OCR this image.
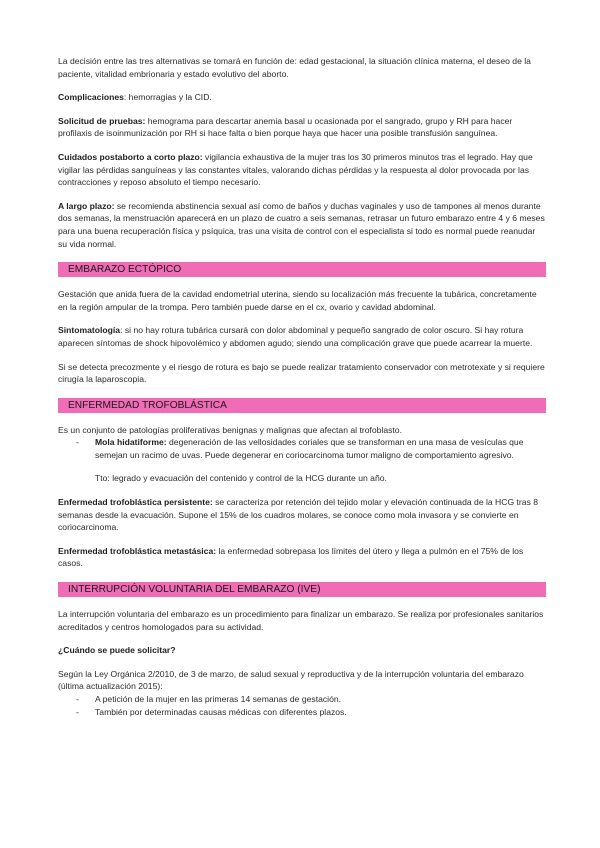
La decisión entre las tres alternativas se tomará en función de: edad gestacional, la situación clínica materna, el deseo de la paciente, vitalidad embrionaria y estado evolutivo del aborto.

Complicaciones: hemorragias y la CID.

Solicitud de pruebas: hemograma para descartar anemia basal u ocasionada por el sangrado, grupo y RH para hacer profilaxis de isoinmunización por RH si hace falta o bien porque haya que hacer una posible transfusión sanguínea.

Cuidados postaborto a corto plazo: vigilancia exhaustiva de la mujer tras los 30 primeros minutos tras el legrado. Hay que vigilar las pérdidas sanguíneas y las constantes vitales, valorando dichas pérdidas y la respuesta al dolor provocada por las contracciones y reposo absoluto el tiempo necesario.

A largo plazo: se recomienda abstinencia sexual así como de baños y duchas vaginales y uso de tampones al menos durante dos semanas, la menstruación aparecerá en un plazo de cuatro a seis semanas, retrasar un futuro embarazo entre 4 y 6 meses para una buena recuperación física y psíquica, tras una visita de control con el especialista si todo es normal puede reanudar su vida normal.

EMBARAZO ECTÓPICO

Gestación que anida fuera de la cavidad endometrial uterina, siendo su localización más frecuente la tubárica, concretamente en la región ampular de la trompa. Pero también puede darse en el cx, ovario y cavidad abdominal.

Sintomatología: si no hay rotura tubárica cursará con dolor abdominal y pequeño sangrado de color oscuro. Si hay rotura aparecen síntomas de shock hipovolémico y abdomen agudo; siendo una complicación grave que puede acarrear la muerte.

Si se detecta precozmente y el riesgo de rotura es bajo se puede realizar tratamiento conservador con metrotexate y si requiere cirugía la laparoscopia.

ENFERMEDAD TROFOBLÁSTICA

Es un conjunto de patologías proliferativas benignas y malignas que afectan al trofoblasto.

- Mola hidatiforme: degeneración de las vellosidades coriales que se transforman en una masa de vesículas que semejan un racimo de uvas. Puede degenerar en coriocarcinoma tumor maligno de comportamiento agresivo.

Tto: legrado y evacuación del contenido y control de la HCG durante un año.

Enfermedad trofoblástica persistente: se caracteriza por retención del tejido molar y elevación continuada de la HCG tras 8 semanas desde la evacuación. Supone el 15% de los cuadros molares, se conoce como mola invasora y se convierte en coriocarcinoma.

Enfermedad trofoblástica metastásica: la enfermedad sobrepasa los límites del útero y llega a pulmón en el 75% de los casos.

INTERRUPCIÓN VOLUNTARIA DEL EMBARAZO (IVE)

La interrupción voluntaria del embarazo es un procedimiento para finalizar un embarazo. Se realiza por profesionales sanitarios acreditados y centros homologados para su actividad.

¿Cuándo se puede solicitar?

Según la Ley Orgánica 2/2010, de 3 de marzo, de salud sexual y reproductiva y de la interrupción voluntaria del embarazo (última actualización 2015):

- A petición de la mujer en las primeras 14 semanas de gestación.
- También por determinadas causas médicas con diferentes plazos.
